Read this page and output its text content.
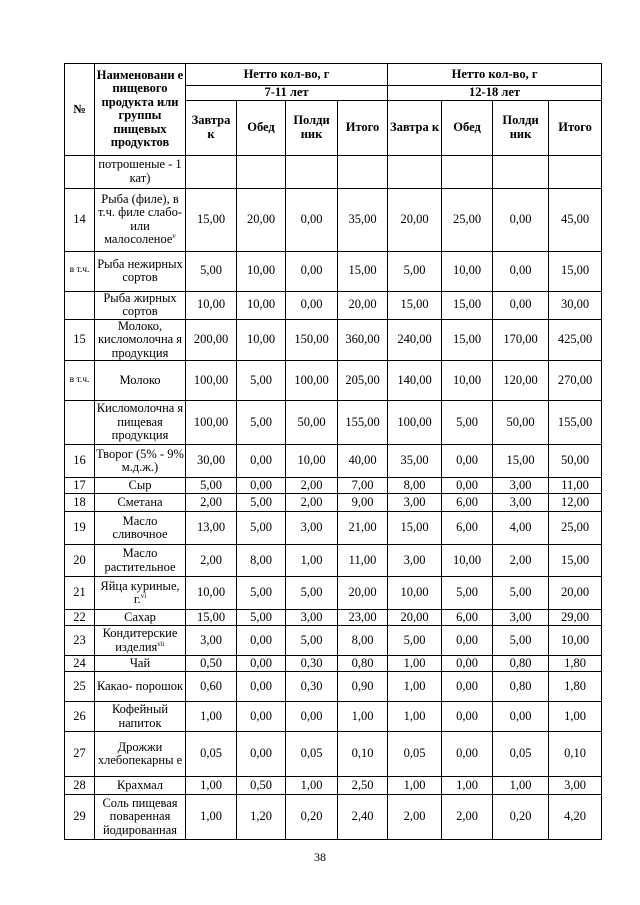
№	Наименовани е пищевого продукта или группы пищевых продуктов	Нетто кол-во, г				Нетто кол-во, г			
		7-11 лет				12-18 лет			
		Завтра к	Обед	Полди ник	Итого	Завтра к	Обед	Полди ник	Итого
	потрошеные - 1 кат)								
14	Рыба (филе), в т.ч. филе слабо- или малосоленое$^v$	15,00	20,00	0,00	35,00	20,00	25,00	0,00	45,00
в т.ч.	Рыба нежирных сортов	5,00	10,00	0,00	15,00	5,00	10,00	0,00	15,00
	Рыба жирных сортов	10,00	10,00	0,00	20,00	15,00	15,00	0,00	30,00
15	Молоко, кисломолочна я продукция	200,00	10,00	150,00	360,00	240,00	15,00	170,00	425,00
в т.ч.	Молоко	100,00	5,00	100,00	205,00	140,00	10,00	120,00	270,00
	Кисломолочна я пищевая продукция	100,00	5,00	50,00	155,00	100,00	5,00	50,00	155,00
16	Творог (5% - 9% м.д.ж.)	30,00	0,00	10,00	40,00	35,00	0,00	15,00	50,00
17	Сыр	5,00	0,00	2,00	7,00	8,00	0,00	3,00	11,00
18	Сметана	2,00	5,00	2,00	9,00	3,00	6,00	3,00	12,00
19	Масло сливочное	13,00	5,00	3,00	21,00	15,00	6,00	4,00	25,00
20	Масло растительное	2,00	8,00	1,00	11,00	3,00	10,00	2,00	15,00
21	Яйца куриные, г.$^{vi}$	10,00	5,00	5,00	20,00	10,00	5,00	5,00	20,00
22	Сахар	15,00	5,00	3,00	23,00	20,00	6,00	3,00	29,00
23	Кондитерские изделия$^{vii}$	3,00	0,00	5,00	8,00	5,00	0,00	5,00	10,00
24	Чай	0,50	0,00	0,30	0,80	1,00	0,00	0,80	1,80
25	Какао- порошок	0,60	0,00	0,30	0,90	1,00	0,00	0,80	1,80
26	Кофейный напиток	1,00	0,00	0,00	1,00	1,00	0,00	0,00	1,00
27	Дрожжи хлебопекарны е	0,05	0,00	0,05	0,10	0,05	0,00	0,05	0,10
28	Крахмал	1,00	0,50	1,00	2,50	1,00	1,00	1,00	3,00
29	Соль пищевая поваренная йодированная	1,00	1,20	0,20	2,40	2,00	2,00	0,20	4,20
38
